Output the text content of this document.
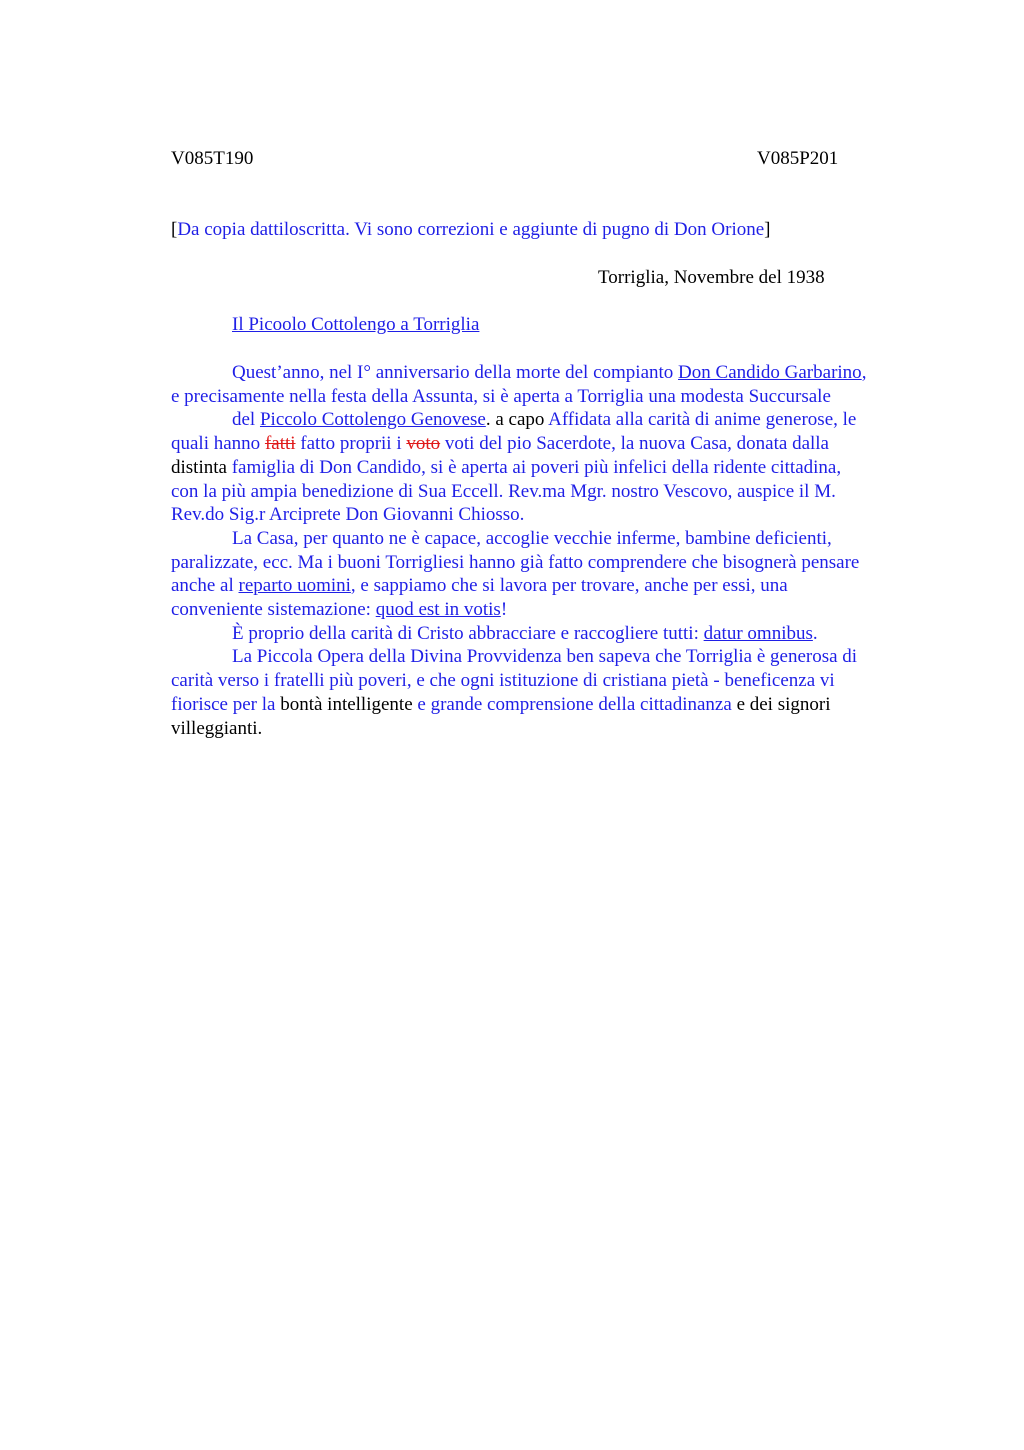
V085T190	V085P201
[Da copia dattiloscritta. Vi sono correzioni e aggiunte di pugno di Don Orione]
Torriglia, Novembre del 1938
Il Picoolo Cottolengo a Torriglia
Quest’anno, nel I° anniversario della morte del compianto Don Candido Garbarino,
e precisamente nella festa della Assunta, si è aperta a Torriglia una modesta Succursale
del Piccolo Cottolengo Genovese. a capo Affidata alla carità di anime generose, le
quali hanno fatti fatto proprii i voto voti del pio Sacerdote, la nuova Casa, donata dalla
distinta famiglia di Don Candido, si è aperta ai poveri più infelici della ridente cittadina,
con la più ampia benedizione di Sua Eccell. Rev.ma Mgr. nostro Vescovo, auspice il M.
Rev.do Sig.r Arciprete Don Giovanni Chiosso.
La Casa, per quanto ne è capace, accoglie vecchie inferme, bambine deficienti,
paralizzate, ecc. Ma i buoni Torrigliesi hanno già fatto comprendere che bisognerà pensare
anche al reparto uomini, e sappiamo che si lavora per trovare, anche per essi, una
conveniente sistemazione: quod est in votis!
È proprio della carità di Cristo abbracciare e raccogliere tutti: datur omnibus.
La Piccola Opera della Divina Provvidenza ben sapeva che Torriglia è generosa di
carità verso i fratelli più poveri, e che ogni istituzione di cristiana pietà - beneficenza vi
fiorisce per la bontà intelligente e grande comprensione della cittadinanza e dei signori
villeggianti.
